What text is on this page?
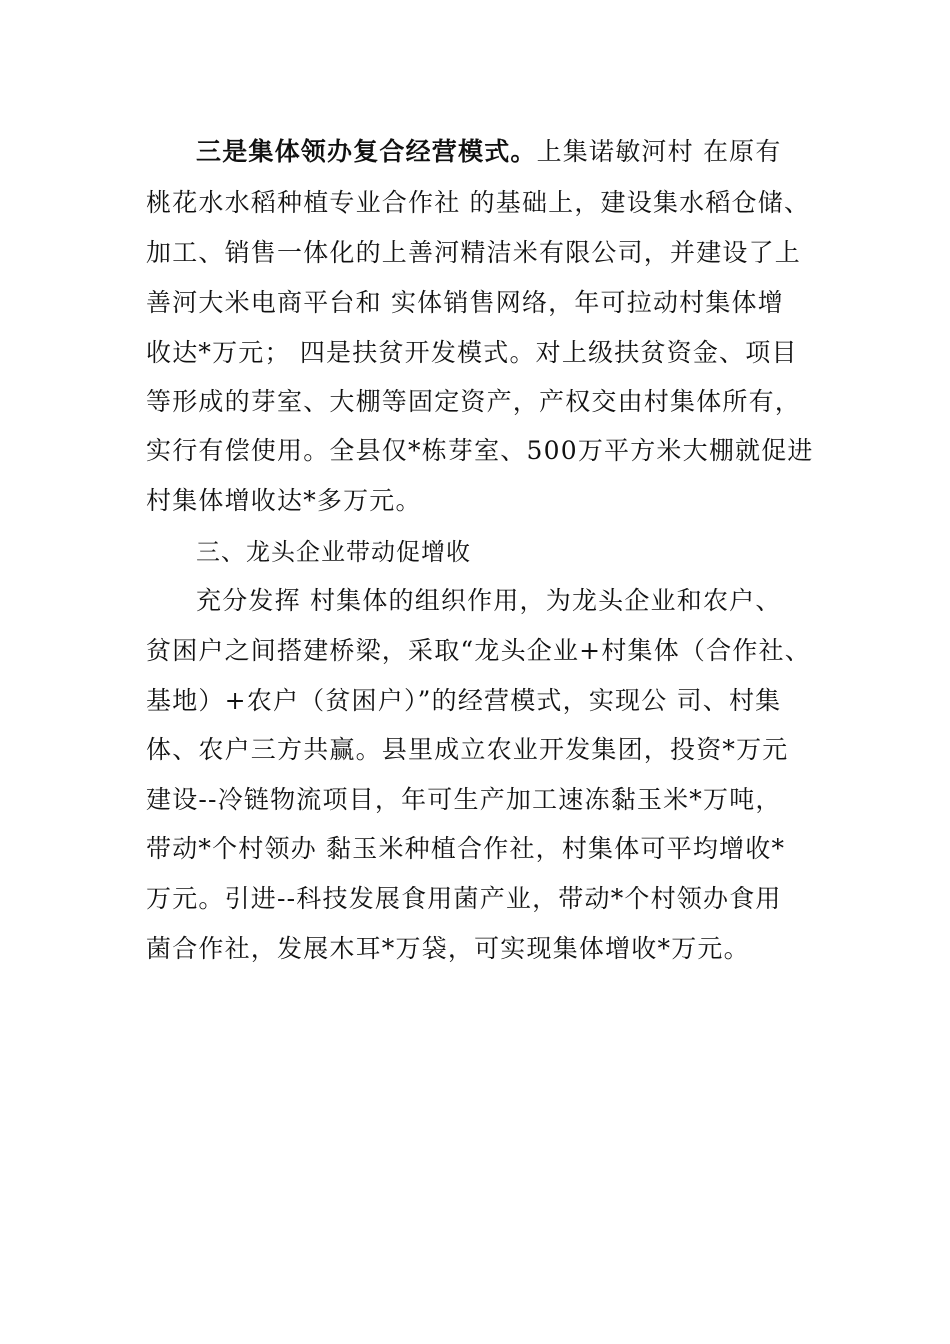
三是集体领办复合经营模式。上集诺敏河村 在原有
桃花水水稻种植专业合作社 的基础上，建设集水稻仓储、
加工、销售一体化的上善河精洁米有限公司，并建设了上
善河大米电商平台和 实体销售网络，年可拉动村集体增
收达*万元； 四是扶贫开发模式。对上级扶贫资金、项目
等形成的芽室、大棚等固定资产，产权交由村集体所有，
实行有偿使用。全县仅*栋芽室、500万平方米大棚就促进
村集体增收达*多万元。
三、龙头企业带动促增收
充分发挥 村集体的组织作用，为龙头企业和农户、
贫困户之间搭建桥梁，采取“龙头企业+村集体（合作社、
基地）+农户（贫困户）”的经营模式，实现公 司、村集
体、农户三方共赢。县里成立农业开发集团，投资*万元
建设--冷链物流项目，年可生产加工速冻黏玉米*万吨，
带动*个村领办 黏玉米种植合作社，村集体可平均增收*
万元。引进--科技发展食用菌产业，带动*个村领办食用
菌合作社，发展木耳*万袋，可实现集体增收*万元。
